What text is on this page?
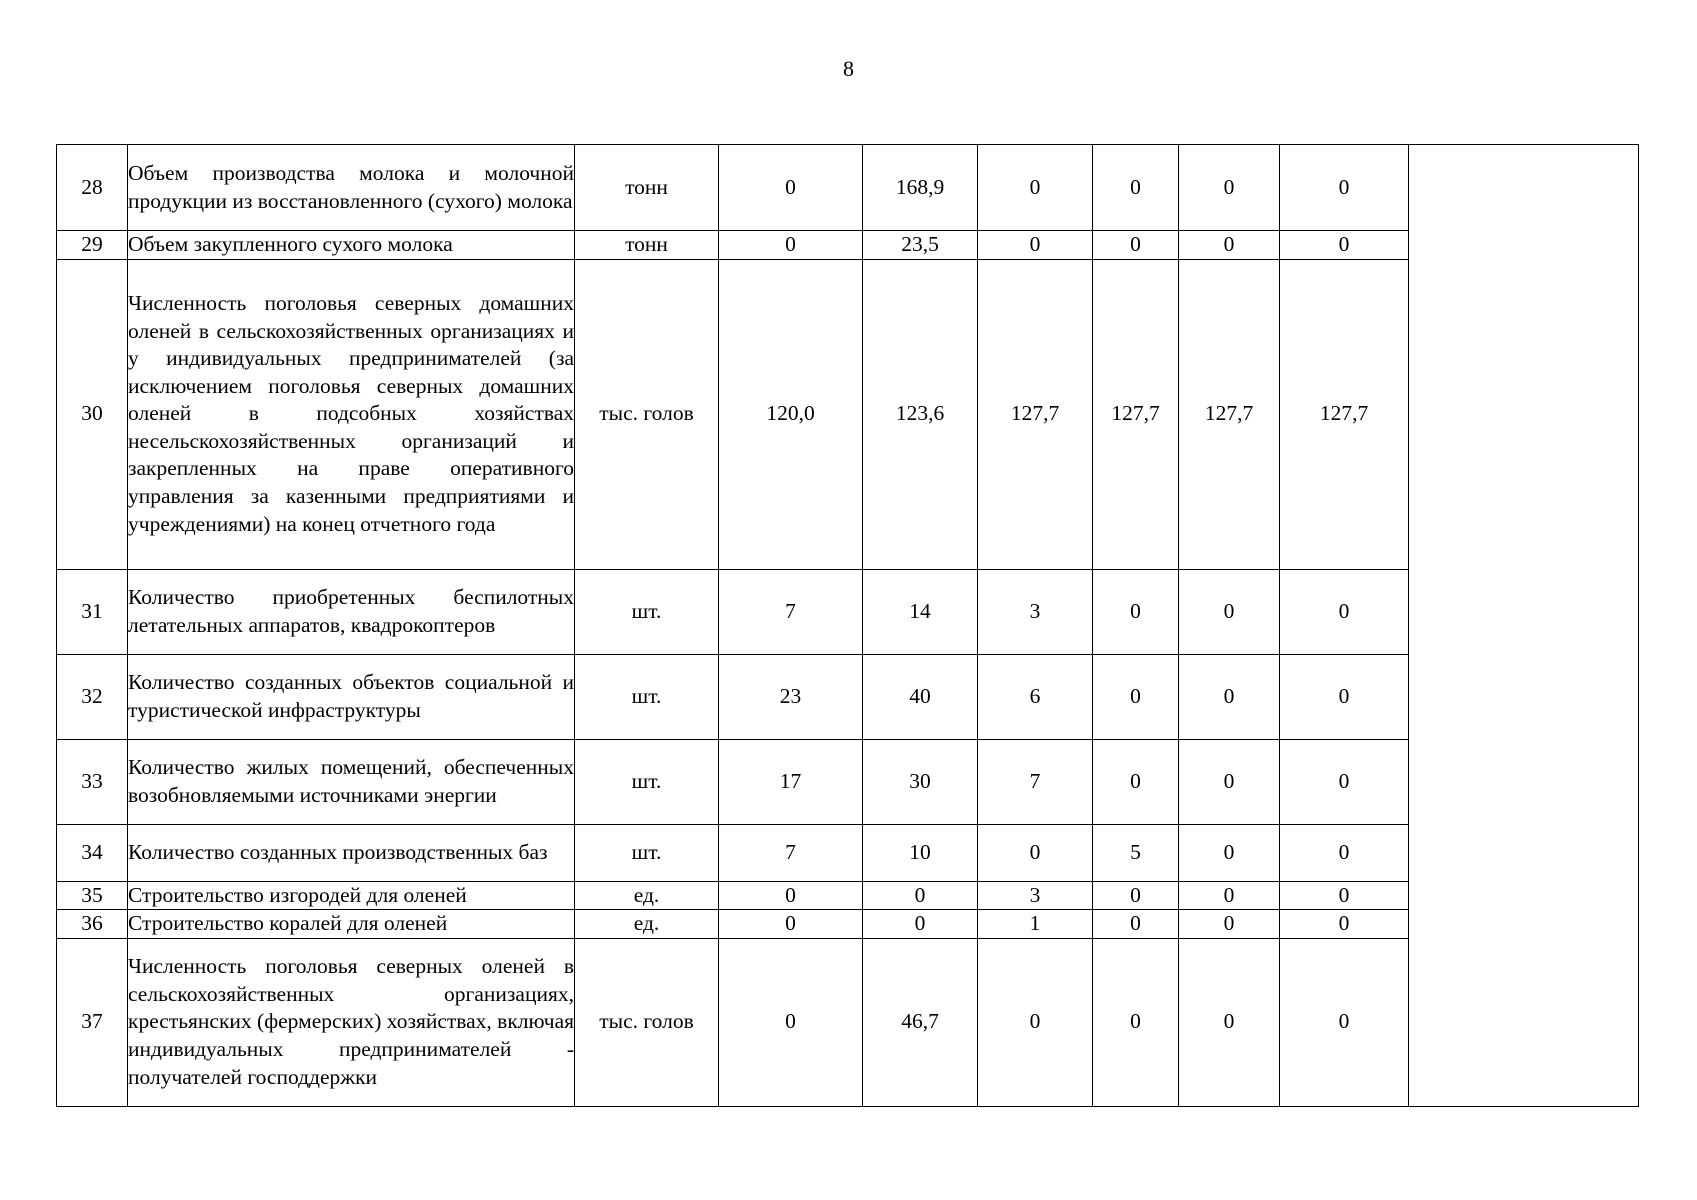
8
28	Объем производства молока и молочной продукции из восстановленного (сухого) молока	тонн	0	168,9	0	0	0	0	
29	Объем закупленного сухого молока	тонн	0	23,5	0	0	0	0	
30	Численность поголовья северных домашних оленей в сельскохозяйственных организациях и у индивидуальных предпринимателей (за исключением поголовья северных домашних оленей в подсобных хозяйствах несельскохозяйственных организаций и закрепленных на праве оперативного управления за казенными предприятиями и учреждениями) на конец отчетного года	тыс. голов	120,0	123,6	127,7	127,7	127,7	127,7	
31	Количество приобретенных беспилотных летательных аппаратов, квадрокоптеров	шт.	7	14	3	0	0	0	
32	Количество созданных объектов социальной и туристической инфраструктуры	шт.	23	40	6	0	0	0	
33	Количество жилых помещений, обеспеченных возобновляемыми источниками энергии	шт.	17	30	7	0	0	0	
34	Количество созданных производственных баз	шт.	7	10	0	5	0	0	
35	Строительство изгородей для оленей	ед.	0	0	3	0	0	0	
36	Строительство коралей для оленей	ед.	0	0	1	0	0	0	
37	Численность поголовья северных оленей в сельскохозяйственных организациях, крестьянских (фермерских) хозяйствах, включая индивидуальных предпринимателей - получателей господдержки	тыс. голов	0	46,7	0	0	0	0	
